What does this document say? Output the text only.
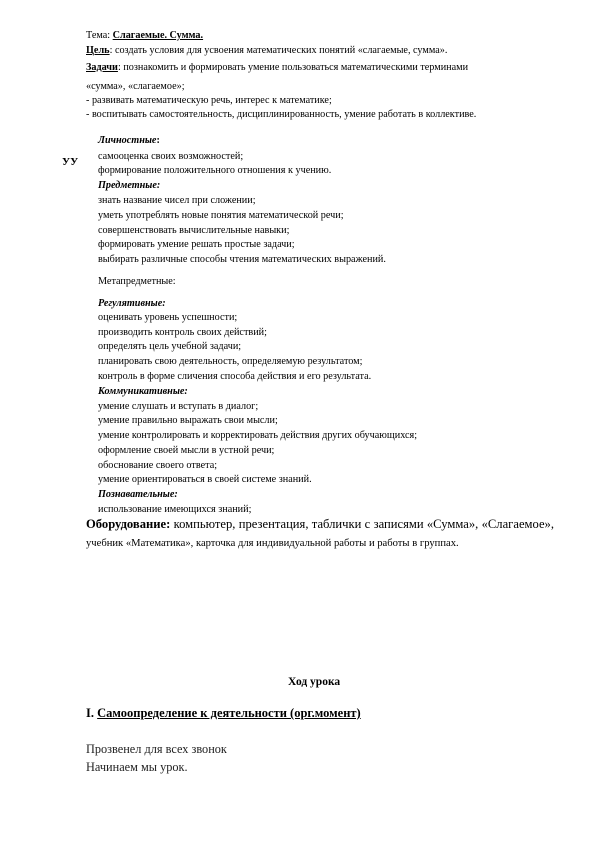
Тема: Слагаемые. Сумма.
Цель: создать условия для усвоения математических понятий «слагаемые, сумма».
Задачи: познакомить и формировать умение пользоваться математическими терминами
«сумма», «слагаемое»;
- развивать математическую речь, интерес к математике;
- воспитывать самостоятельность, дисциплинированность, умение работать в коллективе.
УУ
Личностные:
самооценка своих возможностей;
формирование положительного отношения к учению.
Предметные:
знать название чисел при сложении;
уметь употреблять новые понятия математической речи;
совершенствовать вычислительные навыки;
формировать умение решать простые задачи;
выбирать различные способы чтения математических выражений.
Метапредметные:
Регулятивные:
оценивать уровень успешности;
производить контроль своих действий;
определять цель учебной задачи;
планировать свою деятельность, определяемую результатом;
контроль в форме сличения способа действия и его результата.
Коммуникативные:
умение слушать и вступать в диалог;
умение правильно выражать свои мысли;
умение контролировать и корректировать действия других обучающихся;
оформление своей мысли в устной речи;
обоснование своего ответа;
умение ориентироваться в своей системе знаний.
Познавательные:
использование имеющихся знаний;
Оборудование: компьютер, презентация, таблички с записями «Сумма», «Слагаемое»,
учебник «Математика», карточка для индивидуальной работы и работы в группах.
Ход урока
I. Самоопределение к деятельности (орг.момент)
Прозвенел для всех звонок
Начинаем мы урок.
